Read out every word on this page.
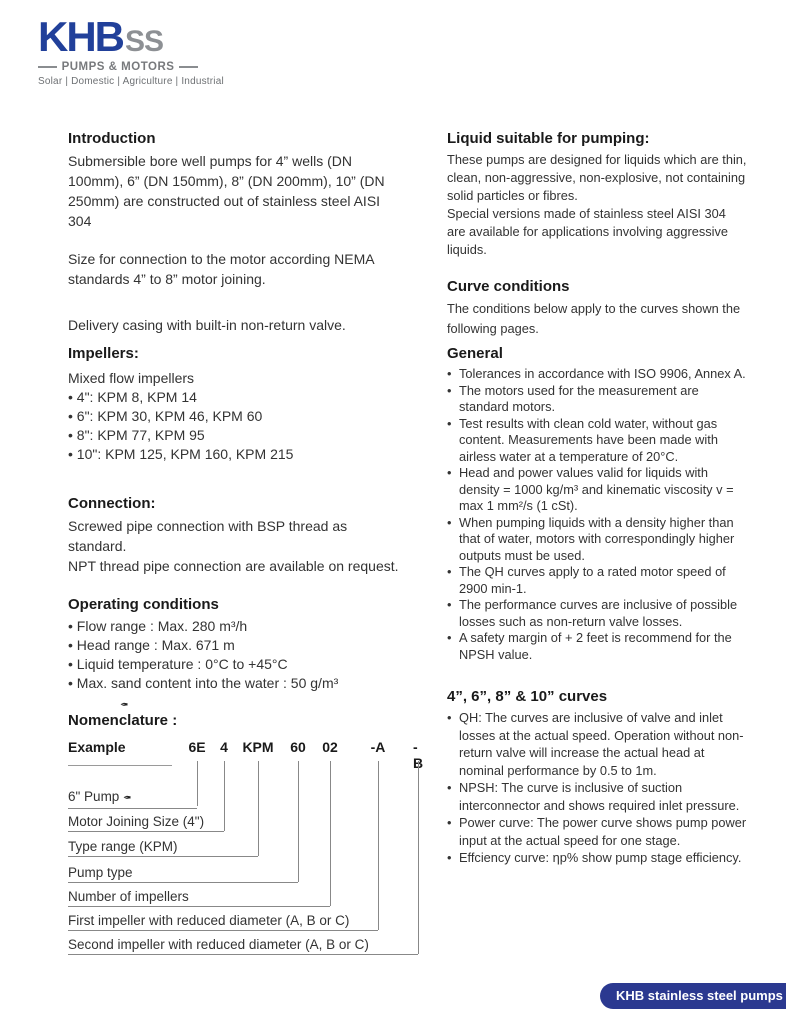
KHB SS
PUMPS & MOTORS
Solar | Domestic | Agriculture | Industrial
Introduction

Submersible bore well pumps for 4” wells (DN 100mm), 6” (DN 150mm), 8” (DN 200mm), 10” (DN 250mm) are constructed out of stainless steel AISI 304

Size for connection to the motor according NEMA standards 4” to 8” motor joining.

Delivery casing with built-in non-return valve.

Impellers:
Mixed flow impellers
• 4": KPM 8, KPM 14
• 6": KPM 30, KPM 46, KPM 60
• 8": KPM 77, KPM 95
• 10": KPM 125, KPM 160, KPM 215
Connection:

Screwed pipe connection with BSP thread as standard.

NPT thread pipe connection are available on request.

Operating conditions
• Flow range : Max. 280 m³/h
• Head range : Max. 671 m
• Liquid temperature : 0°C to +45°C
• Max. sand content into the water : 50 g/m³
✒
Nomenclature :
Example	6E 4 KPM 60 02 -A -B
6" Pump ✒
Motor Joining Size (4")
Type range (KPM)
Pump type
Number of impellers
First impeller with reduced diameter (A, B or C)
Second impeller with reduced diameter (A, B or C)
Liquid suitable for pumping:

These pumps are designed for liquids which are thin, clean, non-aggressive, non-explosive, not containing solid particles or fibres.

Special versions made of stainless steel AISI 304 are available for applications involving aggressive liquids.

Curve conditions

The conditions below apply to the curves shown the following pages.

General
• Tolerances in accordance with ISO 9906, Annex A.
• The motors used for the measurement are standard motors.
• Test results with clean cold water, without gas content. Measurements have been made with airless water at a temperature of 20°C.
• Head and power values valid for liquids with density = 1000 kg/m³ and kinematic viscosity v = max 1 mm²/s (1 cSt).
• When pumping liquids with a density higher than that of water, motors with correspondingly higher outputs must be used.
• The QH curves apply to a rated motor speed of 2900 min-1.
• The performance curves are inclusive of possible losses such as non-return valve losses.
• A safety margin of + 2 feet is recommend for the NPSH value.
4”, 6”, 8” & 10” curves
• QH: The curves are inclusive of valve and inlet losses at the actual speed. Operation without non-return valve will increase the actual head at nominal performance by 0.5 to 1m.
• NPSH: The curve is inclusive of suction interconnector and shows required inlet pressure.
• Power curve: The power curve shows pump power input at the actual speed for one stage.
• Effciency curve: ηp% show pump stage efficiency.
KHB stainless steel pumps
